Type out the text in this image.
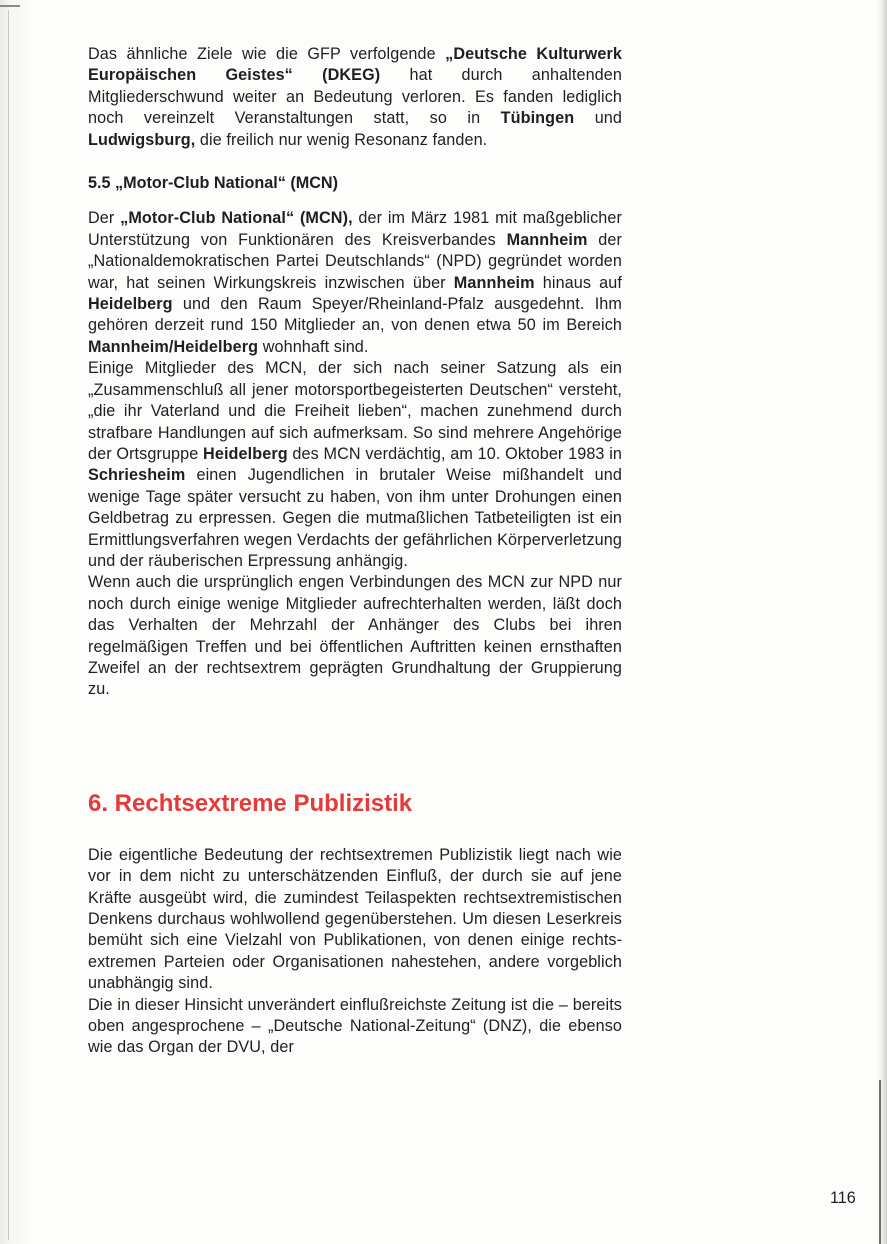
Das ähnliche Ziele wie die GFP verfolgende „Deutsche Kulturwerk Europäischen Geistes“ (DKEG) hat durch anhaltenden Mitgliederschwund weiter an Bedeutung verloren. Es fanden lediglich noch vereinzelt Veranstaltungen statt, so in Tübingen und Ludwigsburg, die freilich nur wenig Resonanz fanden.

5.5 „Motor-Club National“ (MCN)

Der „Motor-Club National“ (MCN), der im März 1981 mit maßgeblicher Unterstützung von Funktionären des Kreisverbandes Mannheim der „Nationaldemokratischen Partei Deutschlands“ (NPD) gegründet worden war, hat seinen Wirkungskreis inzwischen über Mannheim hinaus auf Heidelberg und den Raum Speyer/Rheinland-Pfalz ausgedehnt. Ihm gehören derzeit rund 150 Mitglieder an, von denen etwa 50 im Bereich Mannheim/Heidelberg wohnhaft sind.

Einige Mitglieder des MCN, der sich nach seiner Satzung als ein „Zusammenschluß all jener motorsportbegeisterten Deutschen“ versteht, „die ihr Vaterland und die Freiheit lieben“, machen zunehmend durch strafbare Handlungen auf sich aufmerksam. So sind mehrere Angehörige der Ortsgruppe Heidelberg des MCN verdächtig, am 10. Oktober 1983 in Schriesheim einen Jugendlichen in brutaler Weise mißhandelt und wenige Tage später versucht zu haben, von ihm unter Drohungen einen Geldbetrag zu erpressen. Gegen die mutmaßlichen Tatbeteiligten ist ein Ermittlungsverfahren wegen Verdachts der gefährlichen Körperverletzung und der räuberischen Erpressung anhängig.

Wenn auch die ursprünglich engen Verbindungen des MCN zur NPD nur noch durch einige wenige Mitglieder aufrechterhalten werden, läßt doch das Verhalten der Mehrzahl der Anhänger des Clubs bei ihren regelmäßigen Treffen und bei öffentlichen Auftritten keinen ernsthaften Zweifel an der rechtsextrem geprägten Grundhaltung der Gruppierung zu.

6. Rechtsextreme Publizistik

Die eigentliche Bedeutung der rechtsextremen Publizistik liegt nach wie vor in dem nicht zu unterschätzenden Einfluß, der durch sie auf jene Kräfte ausgeübt wird, die zumindest Teilaspekten rechtsextremistischen Denkens durchaus wohlwollend gegenüberstehen. Um diesen Leserkreis bemüht sich eine Vielzahl von Publikationen, von denen einige rechtsextremen Parteien oder Organisationen nahestehen, andere vorgeblich unabhängig sind.

Die in dieser Hinsicht unverändert einflußreichste Zeitung ist die – bereits oben angesprochene – „Deutsche National-Zeitung“ (DNZ), die ebenso wie das Organ der DVU, der

116
